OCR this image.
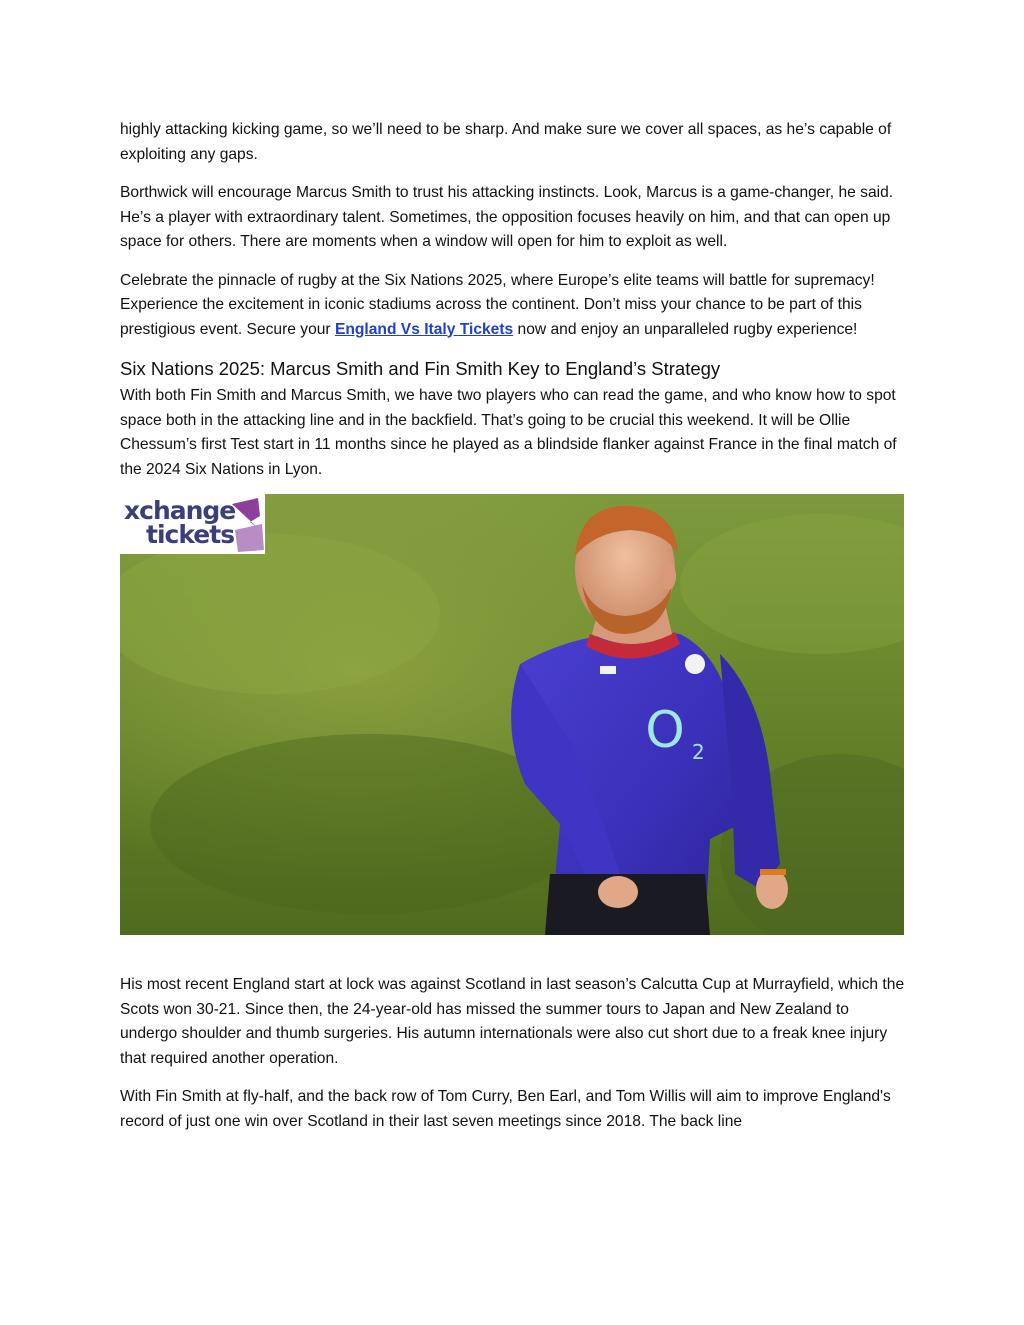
highly attacking kicking game, so we’ll need to be sharp. And make sure we cover all spaces, as he’s capable of exploiting any gaps.

Borthwick will encourage Marcus Smith to trust his attacking instincts. Look, Marcus is a game-changer, he said. He’s a player with extraordinary talent. Sometimes, the opposition focuses heavily on him, and that can open up space for others. There are moments when a window will open for him to exploit as well.

Celebrate the pinnacle of rugby at the Six Nations 2025, where Europe’s elite teams will battle for supremacy! Experience the excitement in iconic stadiums across the continent. Don’t miss your chance to be part of this prestigious event. Secure your England Vs Italy Tickets now and enjoy an unparalleled rugby experience!

Six Nations 2025: Marcus Smith and Fin Smith Key to England’s Strategy

With both Fin Smith and Marcus Smith, we have two players who can read the game, and who know how to spot space both in the attacking line and in the backfield. That’s going to be crucial this weekend. It will be Ollie Chessum’s first Test start in 11 months since he played as a blindside flanker against France in the final match of the 2024 Six Nations in Lyon.

O 2
xchange
tickets

His most recent England start at lock was against Scotland in last season’s Calcutta Cup at Murrayfield, which the Scots won 30-21. Since then, the 24-year-old has missed the summer tours to Japan and New Zealand to undergo shoulder and thumb surgeries. His autumn internationals were also cut short due to a freak knee injury that required another operation.

With Fin Smith at fly-half, and the back row of Tom Curry, Ben Earl, and Tom Willis will aim to improve England's record of just one win over Scotland in their last seven meetings since 2018. The back line
